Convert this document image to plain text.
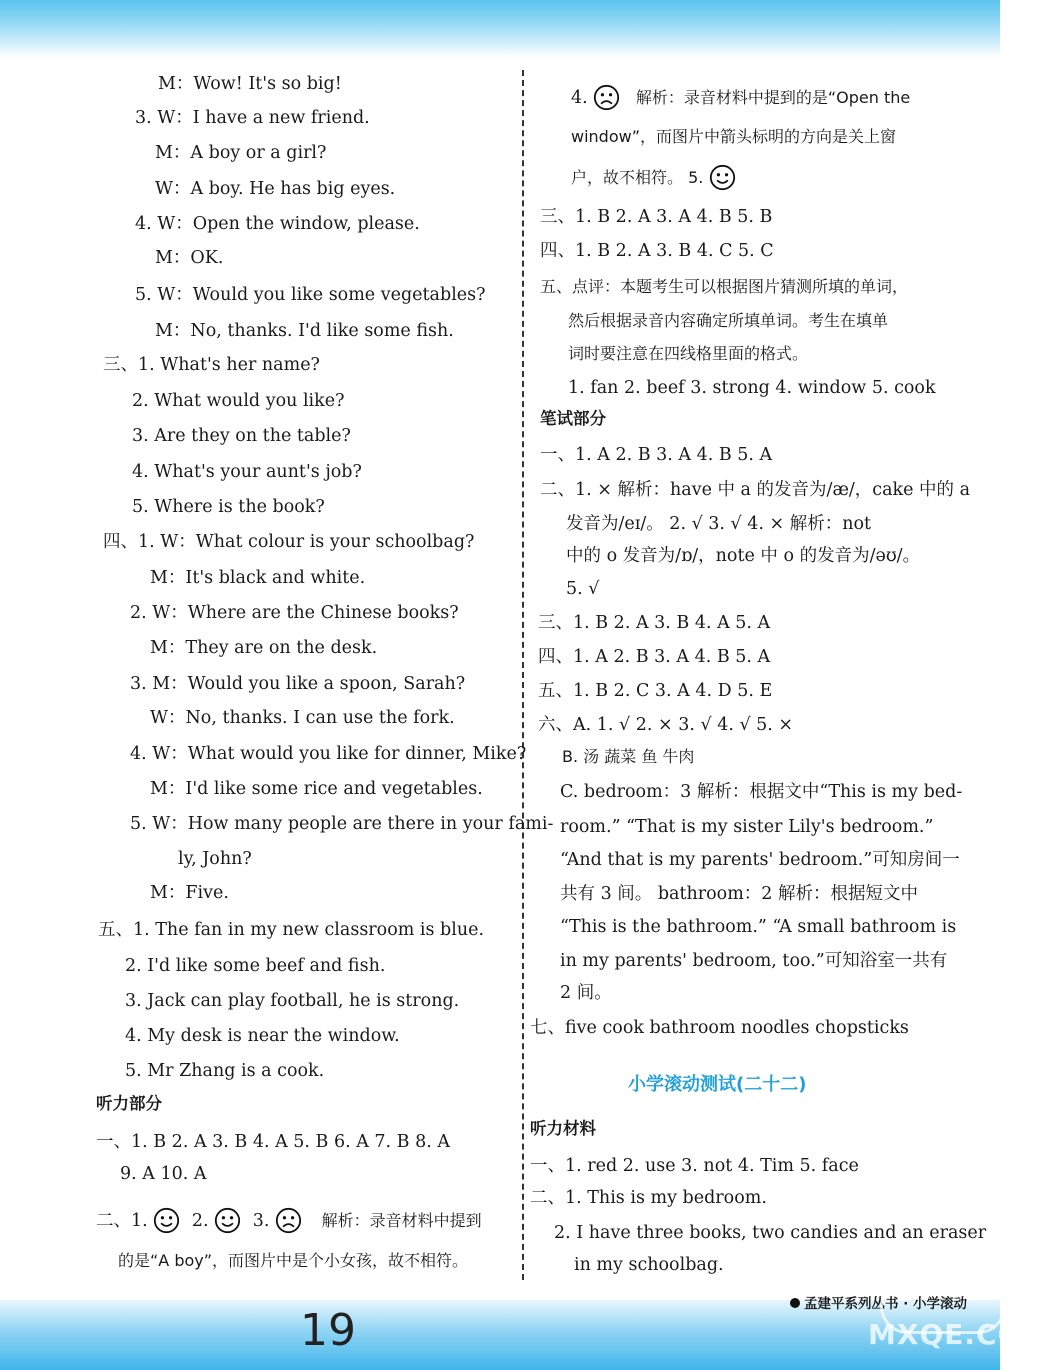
M：Wow! It's so big!
3. W：I have a new friend.
M：A boy or a girl?
W：A boy. He has big eyes.
4. W：Open the window, please.
M：OK.
5. W：Would you like some vegetables?
M：No, thanks. I'd like some fish.
三、1. What's her name?
2. What would you like?
3. Are they on the table?
4. What's your aunt's job?
5. Where is the book?
四、1. W：What colour is your schoolbag?
M：It's black and white.
2. W：Where are the Chinese books?
M：They are on the desk.
3. M：Would you like a spoon, Sarah?
W：No, thanks. I can use the fork.
4. W：What would you like for dinner, Mike?
M：I'd like some rice and vegetables.
5. W：How many people are there in your fami-
ly, John?
M：Five.
五、1. The fan in my new classroom is blue.
2. I'd like some beef and fish.
3. Jack can play football, he is strong.
4. My desk is near the window.
5. Mr Zhang is a cook.
听力部分
一、1. B 2. A 3. B 4. A 5. B 6. A 7. B 8. A
9. A 10. A
二、1.	2.	3.	解析：录音材料中提到
的是“A boy”，而图片中是个小女孩，故不相符。
4.	解析：录音材料中提到的是“Open the
window”，而图片中箭头标明的方向是关上窗
户，故不相符。 5.
三、1. B 2. A 3. A 4. B 5. B
四、1. B 2. A 3. B 4. C 5. C
五、点评：本题考生可以根据图片猜测所填的单词，
然后根据录音内容确定所填单词。考生在填单
词时要注意在四线格里面的格式。
1. fan 2. beef 3. strong 4. window 5. cook
笔试部分
一、1. A 2. B 3. A 4. B 5. A
二、1. × 解析：have 中 a 的发音为/æ/，cake 中的 a
发音为/eɪ/。 2. √ 3. √ 4. × 解析：not
中的 o 发音为/ɒ/，note 中 o 的发音为/əʊ/。
5. √
三、1. B 2. A 3. B 4. A 5. A
四、1. A 2. B 3. A 4. B 5. A
五、1. B 2. C 3. A 4. D 5. E
六、A. 1. √ 2. × 3. √ 4. √ 5. ×
B. 汤 蔬菜 鱼 牛肉
C. bedroom：3 解析：根据文中“This is my bed-
room.” “That is my sister Lily's bedroom.”
“And that is my parents' bedroom.”可知房间一
共有 3 间。 bathroom：2 解析：根据短文中
“This is the bathroom.” “A small bathroom is
in my parents' bedroom, too.”可知浴室一共有
2 间。
七、five cook bathroom noodles chopsticks
听力材料
一、1. red 2. use 3. not 4. Tim 5. face
二、1. This is my bedroom.
2. I have three books, two candies and an eraser
in my schoolbag.
小学滚动测试(二十二)
孟建平系列丛书 · 小学滚动
19	MXQE.COM
